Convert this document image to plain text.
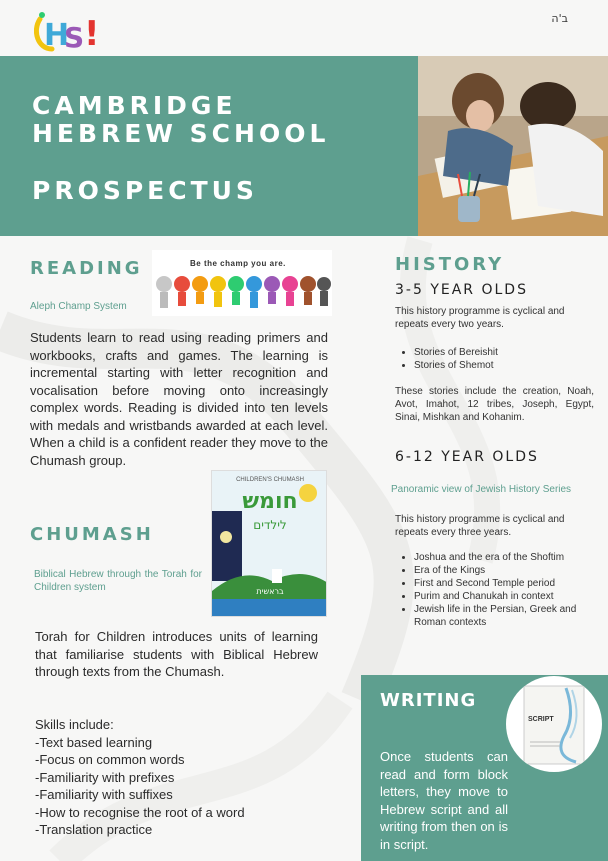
H
S !	ב'ה
CAMBRIDGE
HEBREW SCHOOL
PROSPECTUS
READING	Be the champ you are.
Aleph Champ System
Students learn to read using reading primers and workbooks, crafts and games. The learning is incremental starting with letter recognition and vocalisation before moving onto increasingly complex words. Reading is divided into ten levels with medals and wristbands awarded at each level. When a child is a confident reader they move to the Chumash group.
CHUMASH
Biblical Hebrew through the Torah for Children system
CHILDREN'S CHUMASH
חומש
לילדים
בראשית
Torah for Children introduces units of learning that familiarise students with Biblical Hebrew through texts from the Chumash.
Skills include:
-Text based learning
-Focus on common words
-Familiarity with prefixes
-Familiarity with suffixes
-How to recognise the root of a word
-Translation practice
HISTORY
3-5 YEAR OLDS
This history programme is cyclical and repeats every two years.
• Stories of Bereishit
• Stories of Shemot
These stories include the creation, Noah, Avot, Imahot, 12 tribes, Joseph, Egypt, Sinai, Mishkan and Kohanim.
6-12 YEAR OLDS
Panoramic view of Jewish History Series
This history programme is cyclical and repeats every three years.
• Joshua and the era of the Shoftim
• Era of the Kings
• First and Second Temple period
• Purim and Chanukah in context
• Jewish life in the Persian, Greek and Roman contexts
WRITING
SCRIPT
Once students can read and form block letters, they move to Hebrew script and all writing from then on is in script.
